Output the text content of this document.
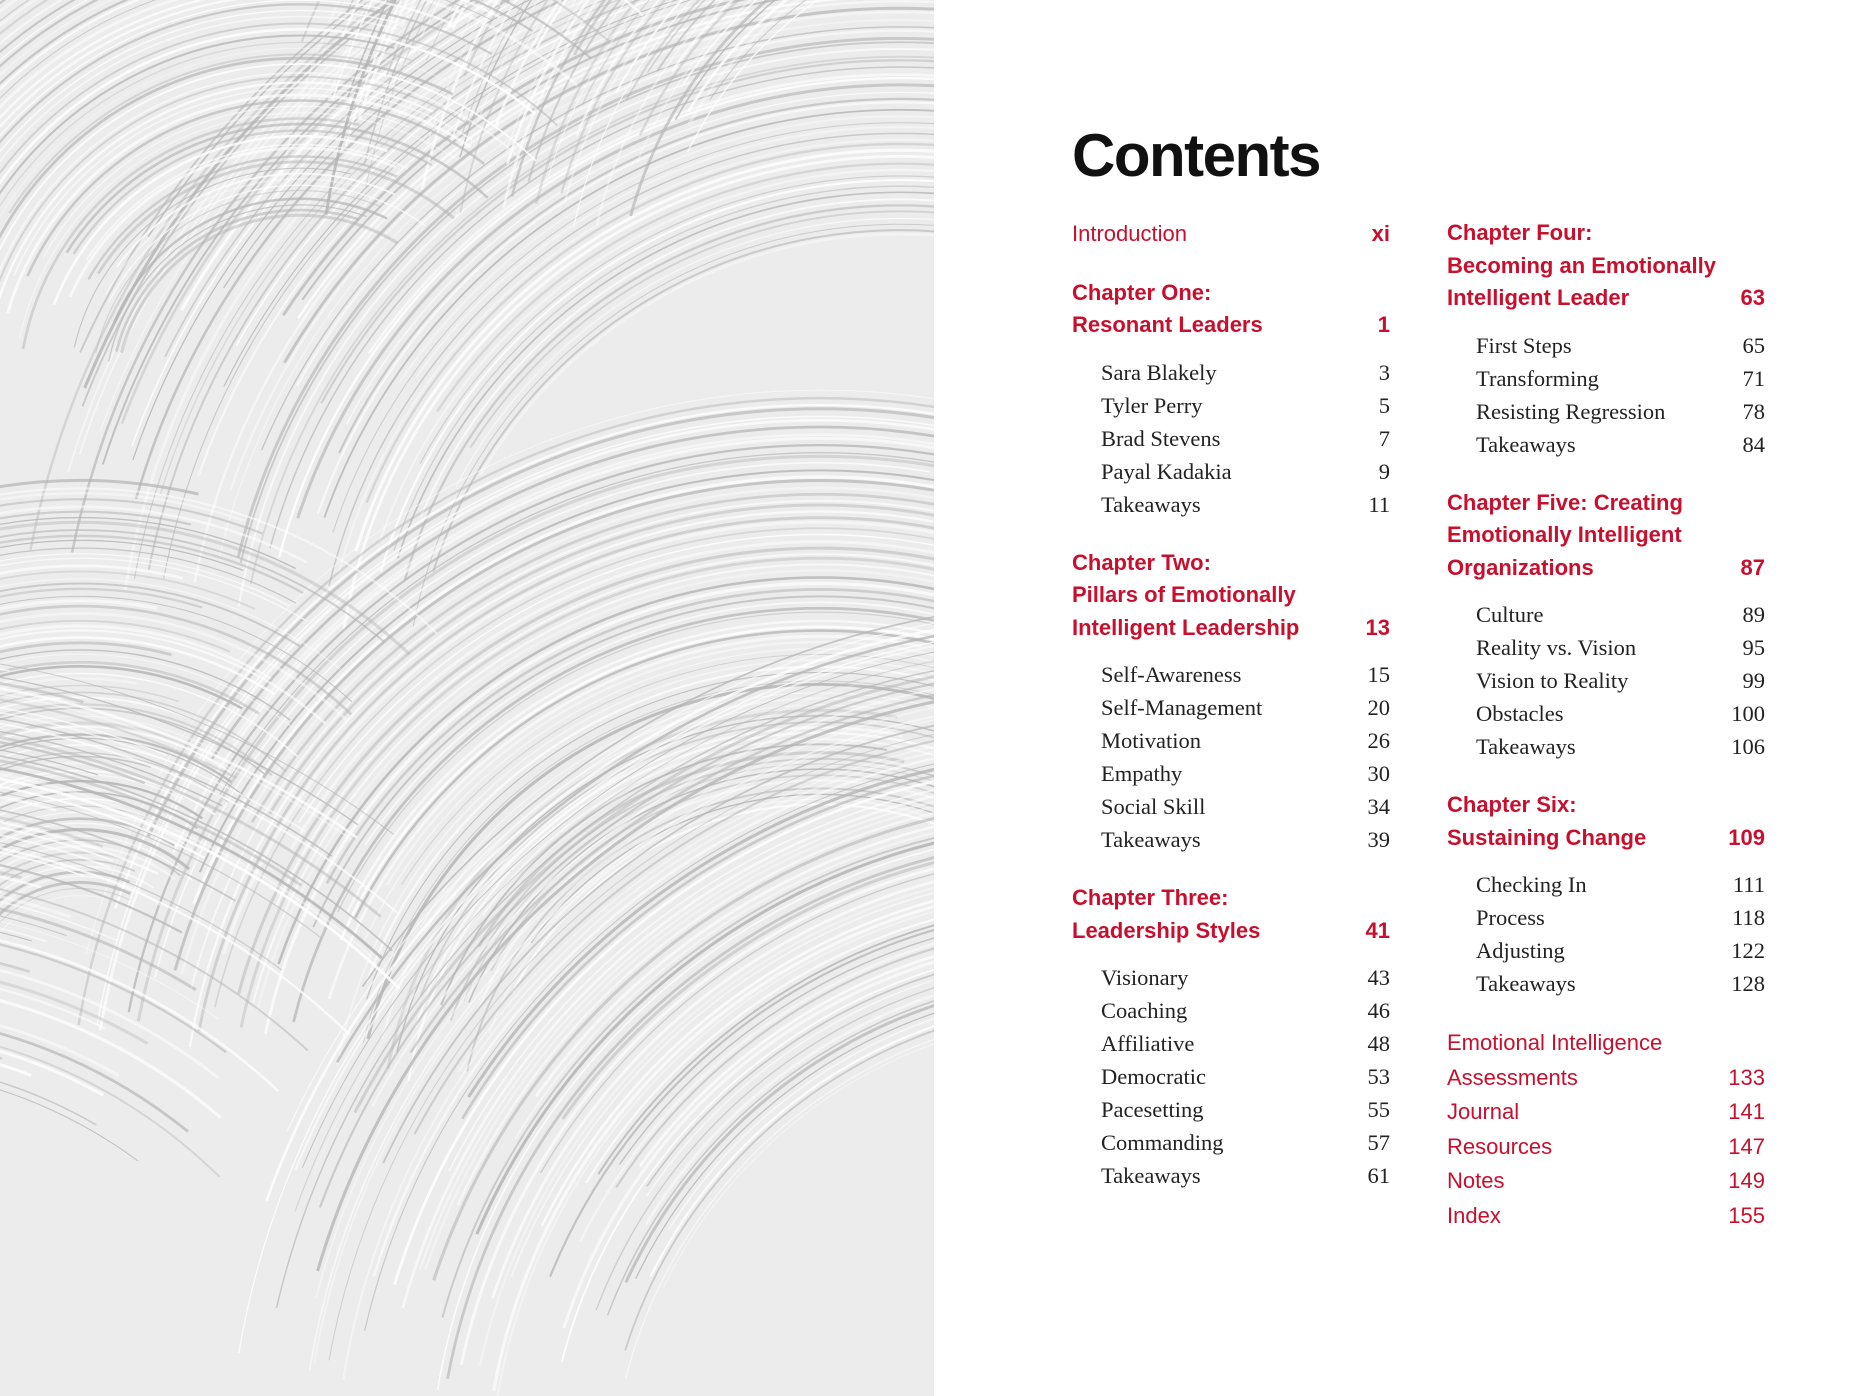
Contents
Introduction	xi
Chapter One:
Resonant Leaders	1
Sara Blakely	3
Tyler Perry	5
Brad Stevens	7
Payal Kadakia	9
Takeaways	11
Chapter Two:
Pillars of Emotionally
Intelligent Leadership	13
Self-Awareness	15
Self-Management	20
Motivation	26
Empathy	30
Social Skill	34
Takeaways	39
Chapter Three:
Leadership Styles	41
Visionary	43
Coaching	46
Affiliative	48
Democratic	53
Pacesetting	55
Commanding	57
Takeaways	61
Chapter Four:
Becoming an Emotionally
Intelligent Leader	63
First Steps	65
Transforming	71
Resisting Regression	78
Takeaways	84
Chapter Five: Creating
Emotionally Intelligent
Organizations	87
Culture	89
Reality vs. Vision	95
Vision to Reality	99
Obstacles	100
Takeaways	106
Chapter Six:
Sustaining Change	109
Checking In	111
Process	118
Adjusting	122
Takeaways	128
Emotional Intelligence
Assessments	133
Journal	141
Resources	147
Notes	149
Index	155
